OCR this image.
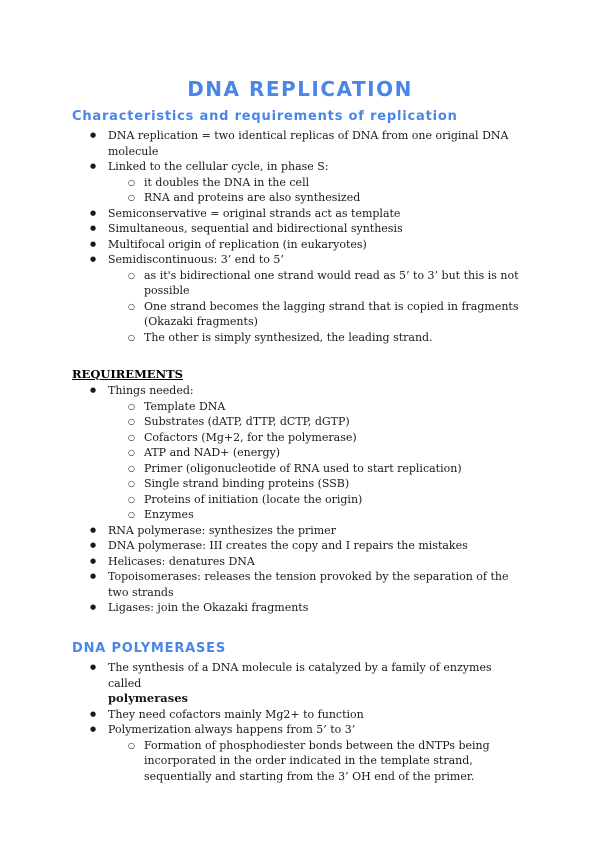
DNA REPLICATION
Characteristics and requirements of replication
● DNA replication = two identical replicas of DNA from one original DNA molecule
● Linked to the cellular cycle, in phase S:
○ it doubles the DNA in the cell
○ RNA and proteins are also synthesized
● Semiconservative = original strands act as template
● Simultaneous, sequential and bidirectional synthesis
● Multifocal origin of replication (in eukaryotes)
● Semidiscontinuous: 3’ end to 5’
○ as it's bidirectional one strand would read as 5’ to 3’ but this is not possible
○ One strand becomes the lagging strand that is copied in fragments (Okazaki fragments)
○ The other is simply synthesized, the leading strand.
REQUIREMENTS
● Things needed:
○ Template DNA
○ Substrates (dATP, dTTP, dCTP, dGTP)
○ Cofactors (Mg+2, for the polymerase)
○ ATP and NAD+ (energy)
○ Primer (oligonucleotide of RNA used to start replication)
○ Single strand binding proteins (SSB)
○ Proteins of initiation (locate the origin)
○ Enzymes
● RNA polymerase: synthesizes the primer
● DNA polymerase: III creates the copy and I repairs the mistakes
● Helicases: denatures DNA
● Topoisomerases: releases the tension provoked by the separation of the two strands
● Ligases: join the Okazaki fragments
DNA POLYMERASES
● The synthesis of a DNA molecule is catalyzed by a family of enzymes called
polymerases
● They need cofactors mainly Mg2+ to function
● Polymerization always happens from 5’ to 3’
○ Formation of phosphodiester bonds between the dNTPs being incorporated in the order indicated in the template strand, sequentially and starting from the 3’ OH end of the primer.
